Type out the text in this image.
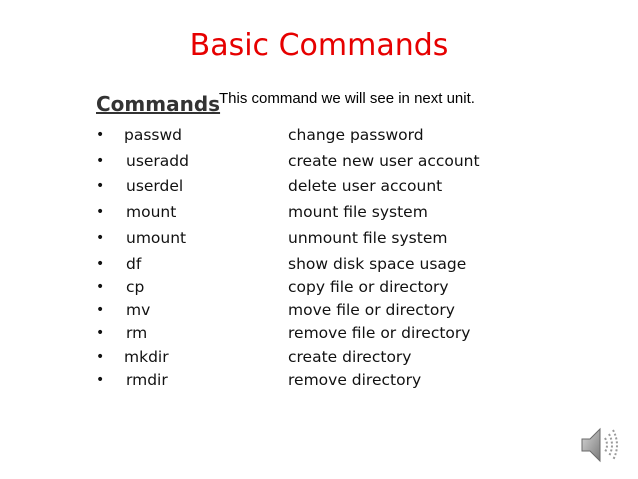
Basic Commands
Commands
This command we will see in next unit.
• passwd	change password
• useradd	create new user account
• userdel	delete user account
• mount	mount file system
• umount	unmount file system
• df	show disk space usage
• cp	copy file or directory
• mv	move file or directory
• rm	remove file or directory
• mkdir	create directory
• rmdir	remove directory
